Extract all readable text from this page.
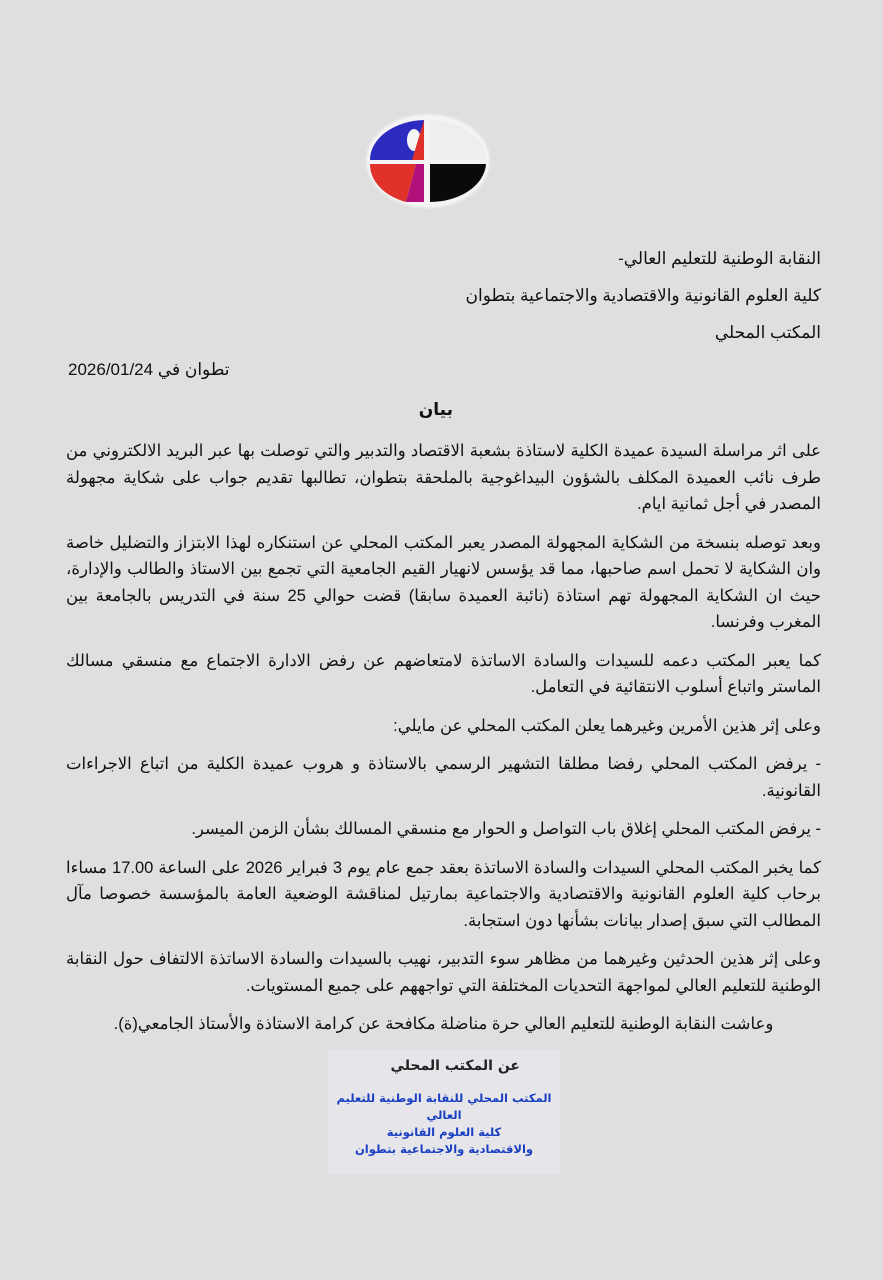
النقابة الوطنية للتعليم العالي-
كلية العلوم القانونية والاقتصادية والاجتماعية بتطوان
المكتب المحلي
تطوان في 2026/01/24
بيان

على اثر مراسلة السيدة عميدة الكلية لاستاذة بشعبة الاقتصاد والتدبير والتي توصلت بها عبر البريد الالكتروني من طرف نائب العميدة المكلف بالشؤون البيداغوجية بالملحقة بتطوان، تطالبها تقديم جواب على شكاية مجهولة المصدر في أجل ثمانية ايام.

وبعد توصله بنسخة من الشكاية المجهولة المصدر يعبر المكتب المحلي عن استنكاره لهذا الابتزاز والتضليل خاصة وان الشكاية لا تحمل اسم صاحبها، مما قد يؤسس لانهيار القيم الجامعية التي تجمع بين الاستاذ والطالب والإدارة، حيث ان الشكاية المجهولة تهم استاذة (نائبة العميدة سابقا) قضت حوالي 25 سنة في التدريس بالجامعة بين المغرب وفرنسا.

كما يعبر المكتب دعمه للسيدات والسادة الاساتذة لامتعاضهم عن رفض الادارة الاجتماع مع منسقي مسالك الماستر واتباع أسلوب الانتقائية في التعامل.

وعلى إثر هذين الأمرين وغيرهما يعلن المكتب المحلي عن مايلي:

- يرفض المكتب المحلي رفضا مطلقا التشهير الرسمي بالاستاذة و هروب عميدة الكلية من اتباع الاجراءات القانونية.

- يرفض المكتب المحلي إغلاق باب التواصل و الحوار مع منسقي المسالك بشأن الزمن الميسر.

كما يخبر المكتب المحلي السيدات والسادة الاساتذة بعقد جمع عام يوم 3 فبراير 2026 على الساعة 17.00 مساءا برحاب كلية العلوم القانونية والاقتصادية والاجتماعية بمارتيل لمناقشة الوضعية العامة بالمؤسسة خصوصا مآل المطالب التي سبق إصدار بيانات بشأنها دون استجابة.

وعلى إثر هذين الحدثين وغيرهما من مظاهر سوء التدبير، نهيب بالسيدات والسادة الاساتذة الالتفاف حول النقابة الوطنية للتعليم العالي لمواجهة التحديات المختلفة التي تواجههم على جميع المستويات.

وعاشت النقابة الوطنية للتعليم العالي حرة مناضلة مكافحة عن كرامة الاستاذة والأستاذ الجامعي(ة).

عن المكتب المحلي
المكتب المحلي للنقابة الوطنية للتعليم العالي
كلية العلوم القانونية
والاقتصادية والاجتماعية بتطوان
